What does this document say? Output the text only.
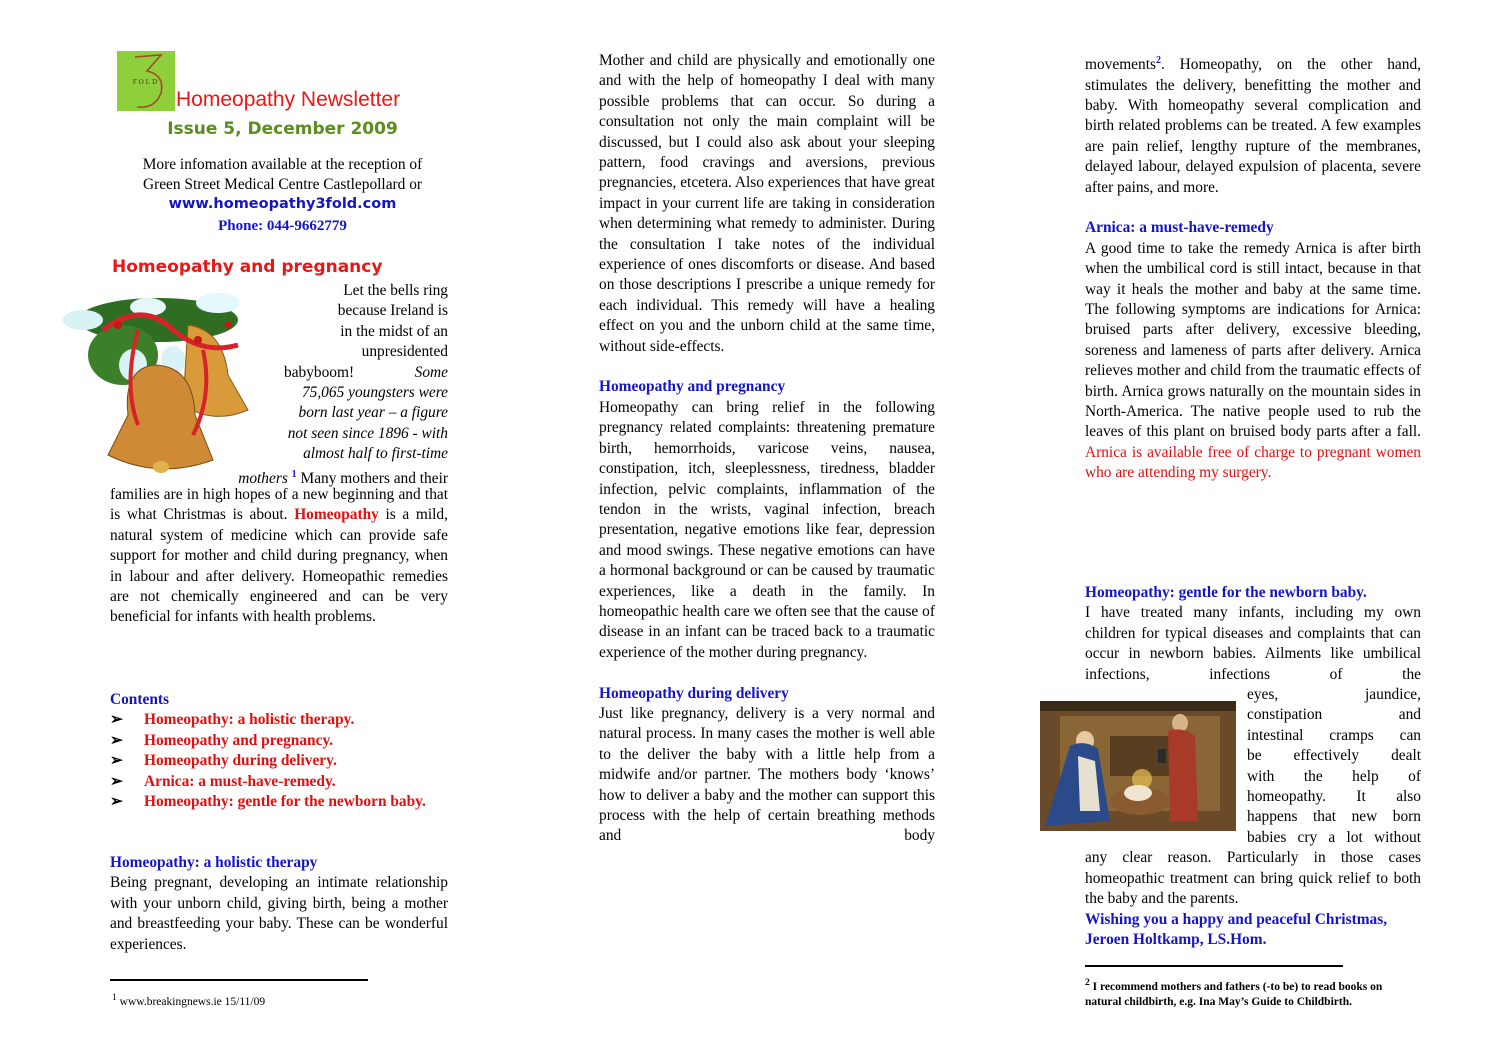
FOLD
Homeopathy Newsletter
Issue 5, December 2009
More infomation available at the reception of
Green Street Medical Centre Castlepollard or
www.homeopathy3fold.com
Phone: 044-9662779
Homeopathy and pregnancy
Let the bells ring
because Ireland is
in the midst of an
unpresidented
babyboom!	Some
75,065 youngsters were
born last year – a figure
not seen since 1896 - with
almost half to first-time
mothers $^1$ Many mothers and their
families are in high hopes of a new beginning and that is what Christmas is about. Homeopathy is a mild, natural system of medicine which can provide safe support for mother and child during pregnancy, when in labour and after delivery. Homeopathic remedies are not chemically engineered and can be very beneficial for infants with health problems.
Contents
➢	Homeopathy: a holistic therapy.
➢	Homeopathy and pregnancy.
➢	Homeopathy during delivery.
➢	Arnica: a must-have-remedy.
➢	Homeopathy: gentle for the newborn baby.
Homeopathy: a holistic therapy

Being pregnant, developing an intimate relationship with your unborn child, giving birth, being a mother and breastfeeding your baby. These can be wonderful experiences.

$^1$ www.breakingnews.ie 15/11/09

Mother and child are physically and emotionally one and with the help of homeopathy I deal with many possible problems that can occur. So during a consultation not only the main complaint will be discussed, but I could also ask about your sleeping pattern, food cravings and aversions, previous pregnancies, etcetera. Also experiences that have great impact in your current life are taking in consideration when determining what remedy to administer. During the consultation I take notes of the individual experience of ones discomforts or disease. And based on those descriptions I prescribe a unique remedy for each individual. This remedy will have a healing effect on you and the unborn child at the same time, without side-effects.

Homeopathy and pregnancy

Homeopathy can bring relief in the following pregnancy related complaints: threatening premature birth, hemorrhoids, varicose veins, nausea, constipation, itch, sleeplessness, tiredness, bladder infection, pelvic complaints, inflammation of the tendon in the wrists, vaginal infection, breach presentation, negative emotions like fear, depression and mood swings. These negative emotions can have a hormonal background or can be caused by traumatic experiences, like a death in the family. In homeopathic health care we often see that the cause of disease in an infant can be traced back to a traumatic experience of the mother during pregnancy.

Homeopathy during delivery

Just like pregnancy, delivery is a very normal and natural process. In many cases the mother is well able to the deliver the baby with a little help from a midwife and/or partner. The mothers body ‘knows’ how to deliver a baby and the mother can support this process with the help of certain breathing methods and body

movements$^2$. Homeopathy, on the other hand, stimulates the delivery, benefitting the mother and baby. With homeopathy several complication and birth related problems can be treated. A few examples are pain relief, lengthy rupture of the membranes, delayed labour, delayed expulsion of placenta, severe after pains, and more.

Arnica: a must-have-remedy

A good time to take the remedy Arnica is after birth when the umbilical cord is still intact, because in that way it heals the mother and baby at the same time. The following symptoms are indications for Arnica: bruised parts after delivery, excessive bleeding, soreness and lameness of parts after delivery. Arnica relieves mother and child from the traumatic effects of birth. Arnica grows naturally on the mountain sides in North-America. The native people used to rub the leaves of this plant on bruised body parts after a fall. Arnica is available free of charge to pregnant women who are attending my surgery.

Homeopathy: gentle for the newborn baby.

I have treated many infants, including my own children for typical diseases and complaints that can occur in newborn babies. Ailments like umbilical infections, infections of the

eyes, jaundice,
constipation and
intestinal cramps can
be effectively dealt
with the help of
homeopathy. It also
happens that new born
babies cry a lot without

any clear reason. Particularly in those cases homeopathic treatment can bring quick relief to both the baby and the parents.

Wishing you a happy and peaceful Christmas,
Jeroen Holtkamp, LS.Hom.
$^2$ I recommend mothers and fathers (-to be) to read books on
natural childbirth, e.g. Ina May’s Guide to Childbirth.
